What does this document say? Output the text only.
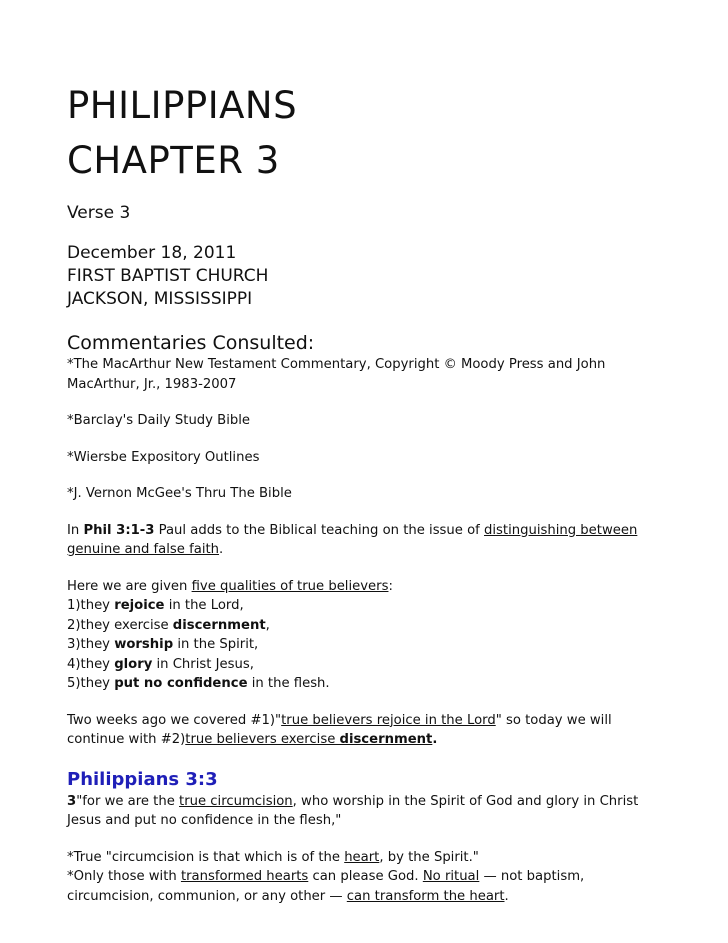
PHILIPPIANS
CHAPTER 3
Verse 3
December 18, 2011
FIRST BAPTIST CHURCH
JACKSON, MISSISSIPPI
Commentaries Consulted:
*The MacArthur New Testament Commentary, Copyright © Moody Press and John MacArthur, Jr., 1983-2007
*Barclay's Daily Study Bible
*Wiersbe Expository Outlines
*J. Vernon McGee's Thru The Bible
In Phil 3:1-3 Paul adds to the Biblical teaching on the issue of distinguishing between genuine and false faith.
Here we are given five qualities of true believers:
1)they rejoice in the Lord,
2)they exercise discernment,
3)they worship in the Spirit,
4)they glory in Christ Jesus,
5)they put no confidence in the flesh.
Two weeks ago we covered #1)"true believers rejoice in the Lord" so today we will continue with #2)true believers exercise discernment.
Philippians 3:3
3"for we are the true circumcision, who worship in the Spirit of God and glory in Christ Jesus and put no confidence in the flesh,"
*True "circumcision is that which is of the heart, by the Spirit."
*Only those with transformed hearts can please God. No ritual — not baptism, circumcision, communion, or any other — can transform the heart.
